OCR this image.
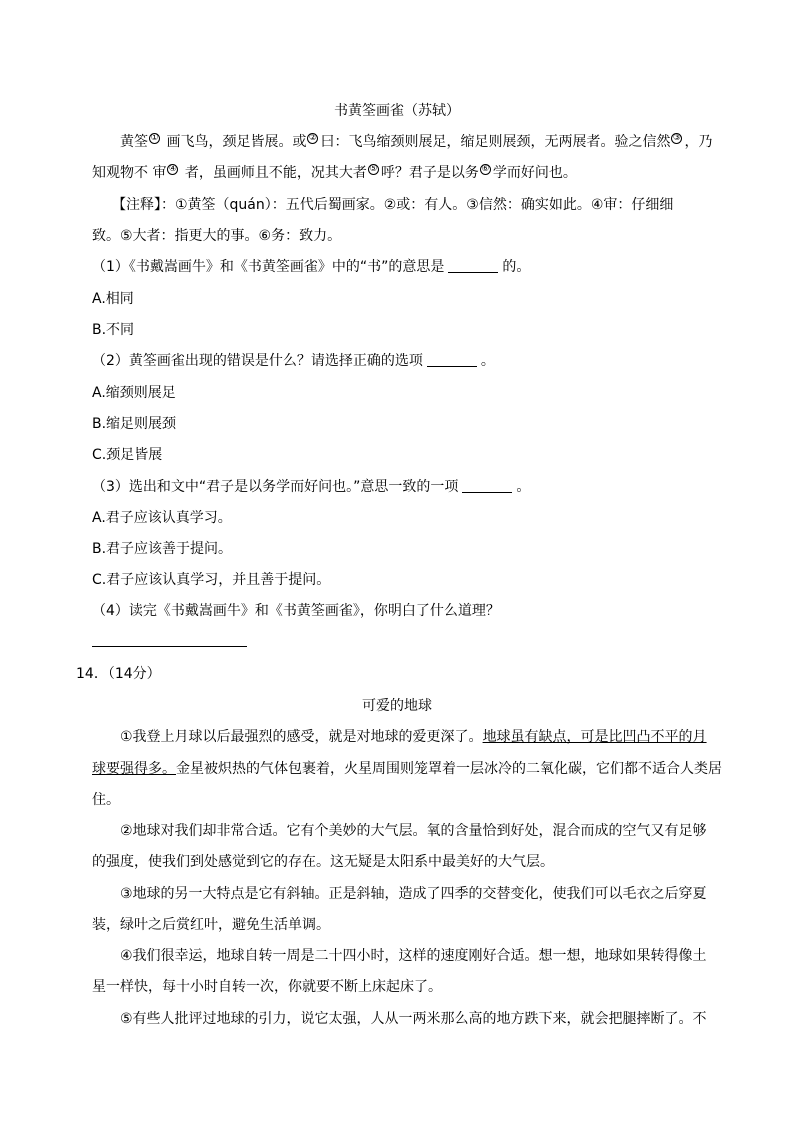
书黄筌画雀（苏轼）
黄筌 ① 画飞鸟，颈足皆展。或 ② 曰：飞鸟缩颈则展足，缩足则展颈，无两展者。验之信然 ③ ，乃
知观物不 审 ④ 者，虽画师且不能，况其大者 ⑤ 呼？君子是以务 ⑥ 学而好问也。
【注释】：①黄筌（quán）：五代后蜀画家。②或：有人。③信然：确实如此。④审：仔细细
致。⑤大者：指更大的事。⑥务：致力。
（1）《书戴嵩画牛》和《书黄筌画雀》中的“书”的意思是	的。
A.相同
B.不同
（2）黄筌画雀出现的错误是什么？请选择正确的选项	。
A.缩颈则展足
B.缩足则展颈
C.颈足皆展
（3）选出和文中“君子是以务学而好问也。”意思一致的一项	。
A.君子应该认真学习。
B.君子应该善于提问。
C.君子应该认真学习，并且善于提问。
（4）读完《书戴嵩画牛》和《书黄筌画雀》，你明白了什么道理？
14．（14分）
可爱的地球
①我登上月球以后最强烈的感受，就是对地球的爱更深了。地球虽有缺点，可是比凹凸不平的月
球要强得多。金星被炽热的气体包裹着，火星周围则笼罩着一层冰冷的二氧化碳，它们都不适合人类居
住。
②地球对我们却非常合适。它有个美妙的大气层。氧的含量恰到好处，混合而成的空气又有足够
的强度，使我们到处感觉到它的存在。这无疑是太阳系中最美好的大气层。
③地球的另一大特点是它有斜轴。正是斜轴，造成了四季的交替变化，使我们可以毛衣之后穿夏
装，绿叶之后赏红叶，避免生活单调。
④我们很幸运，地球自转一周是二十四小时，这样的速度刚好合适。想一想，地球如果转得像土
星一样快，每十小时自转一次，你就要不断上床起床了。
⑤有些人批评过地球的引力，说它太强，人从一两米那么高的地方跌下来，就会把腿摔断了。不
